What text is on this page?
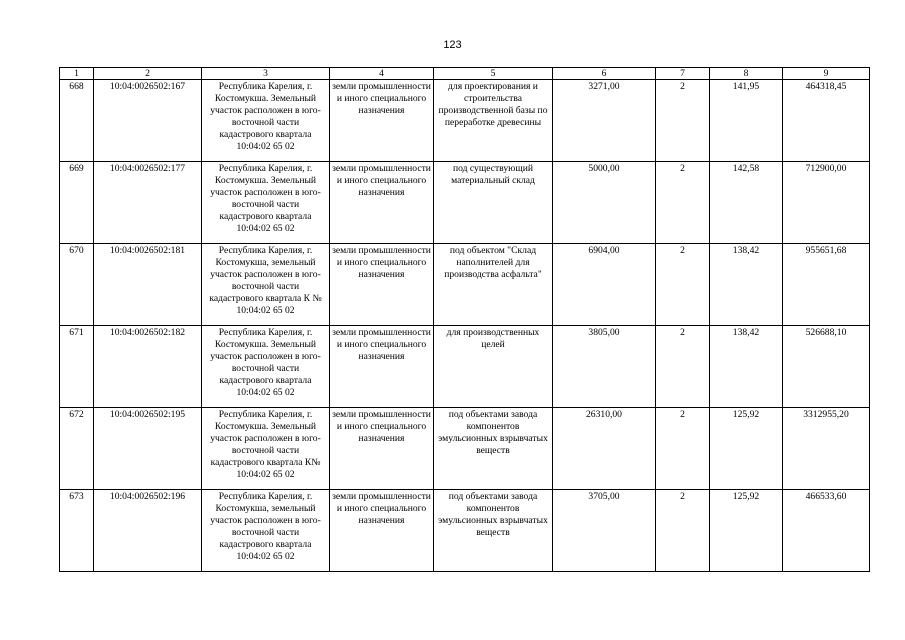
123
1	2	3	4	5	6	7	8	9
668	10:04:0026502:167	Республика Карелия, г. Костомукша. Земельный участок расположен в юго-восточной части кадастрового квартала 10:04:02 65 02	земли промышленности и иного специального назначения	для проектирования и строительства производственной базы по переработке древесины	3271,00	2	141,95	464318,45
669	10:04:0026502:177	Республика Карелия, г. Костомукша. Земельный участок расположен в юго-восточной части кадастрового квартала 10:04:02 65 02	земли промышленности и иного специального назначения	под существующий материальный склад	5000,00	2	142,58	712900,00
670	10:04:0026502:181	Республика Карелия, г. Костомукша, земельный участок расположен в юго-восточной части кадастрового квартала К № 10:04:02 65 02	земли промышленности и иного специального назначения	под объектом "Склад наполнителей для производства асфальта"	6904,00	2	138,42	955651,68
671	10:04:0026502:182	Республика Карелия, г. Костомукша. Земельный участок расположен в юго-восточной части кадастрового квартала 10:04:02 65 02	земли промышленности и иного специального назначения	для производственных целей	3805,00	2	138,42	526688,10
672	10:04:0026502:195	Республика Карелия, г. Костомукша. Земельный участок расположен в юго-восточной части кадастрового квартала К№ 10:04:02 65 02	земли промышленности и иного специального назначения	под объектами завода компонентов эмульсионных взрывчатых веществ	26310,00	2	125,92	3312955,20
673	10:04:0026502:196	Республика Карелия, г. Костомукша, земельный участок расположен в юго-восточной части кадастрового квартала 10:04:02 65 02	земли промышленности и иного специального назначения	под объектами завода компонентов эмульсионных взрывчатых веществ	3705,00	2	125,92	466533,60
